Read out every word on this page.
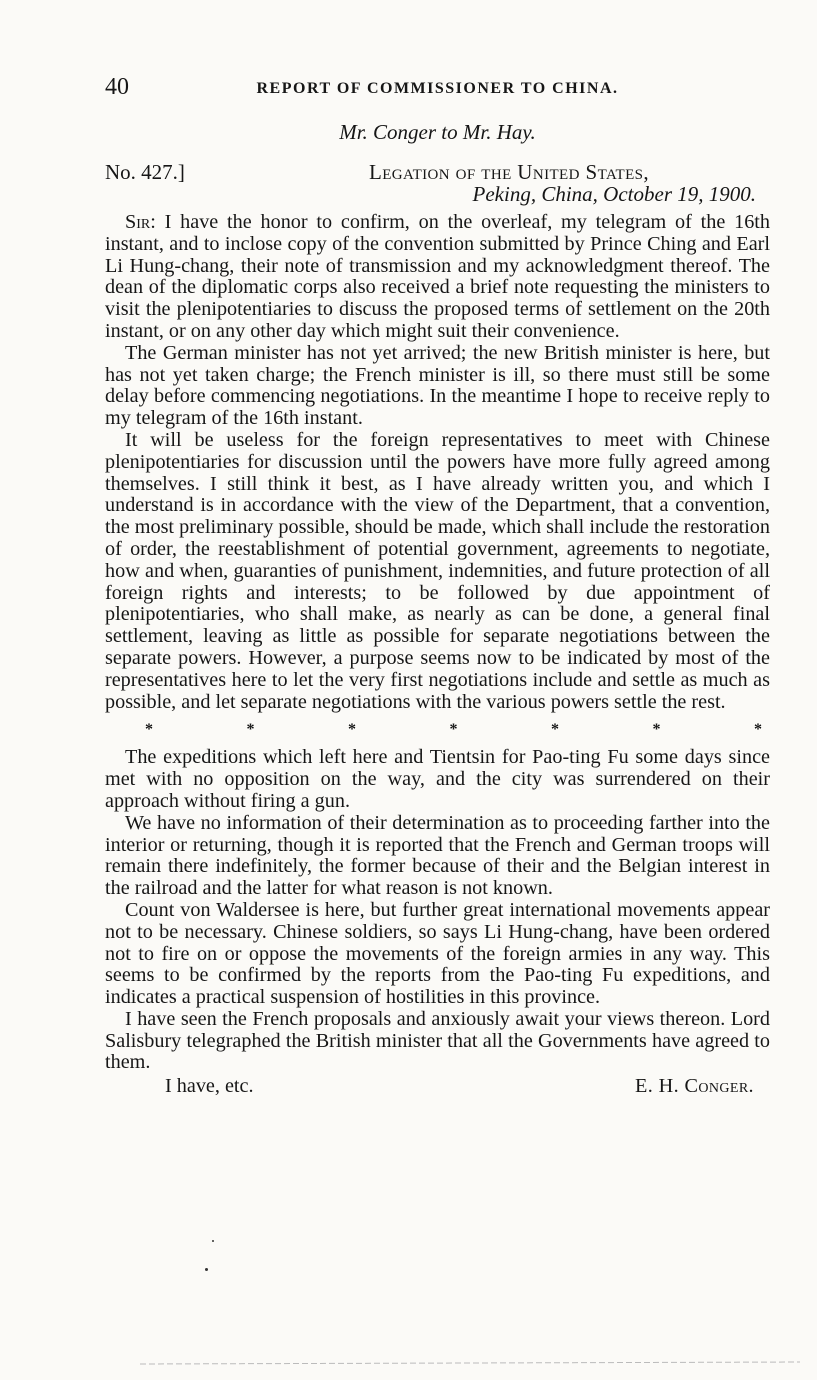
40	REPORT OF COMMISSIONER TO CHINA.
Mr. Conger to Mr. Hay.
No. 427.]	Legation of the United States,
Peking, China, October 19, 1900.

Sir: I have the honor to confirm, on the overleaf, my telegram of the 16th instant, and to inclose copy of the convention submitted by Prince Ching and Earl Li Hung-chang, their note of transmission and my acknowledgment thereof. The dean of the diplomatic corps also received a brief note requesting the ministers to visit the plenipotentiaries to discuss the proposed terms of settlement on the 20th instant, or on any other day which might suit their convenience.

The German minister has not yet arrived; the new British minister is here, but has not yet taken charge; the French minister is ill, so there must still be some delay before commencing negotiations. In the meantime I hope to receive reply to my telegram of the 16th instant.

It will be useless for the foreign representatives to meet with Chinese plenipotentiaries for discussion until the powers have more fully agreed among themselves. I still think it best, as I have already written you, and which I understand is in accordance with the view of the Department, that a convention, the most preliminary possible, should be made, which shall include the restoration of order, the reestablishment of potential government, agreements to negotiate, how and when, guaranties of punishment, indemnities, and future protection of all foreign rights and interests; to be followed by due appointment of plenipotentiaries, who shall make, as nearly as can be done, a general final settlement, leaving as little as possible for separate negotiations between the separate powers. However, a purpose seems now to be indicated by most of the representatives here to let the very first negotiations include and settle as much as possible, and let separate negotiations with the various powers settle the rest.

*	*	*	*	*	*	*

The expeditions which left here and Tientsin for Pao-ting Fu some days since met with no opposition on the way, and the city was surrendered on their approach without firing a gun.

We have no information of their determination as to proceeding farther into the interior or returning, though it is reported that the French and German troops will remain there indefinitely, the former because of their and the Belgian interest in the railroad and the latter for what reason is not known.

Count von Waldersee is here, but further great international movements appear not to be necessary. Chinese soldiers, so says Li Hung-chang, have been ordered not to fire on or oppose the movements of the foreign armies in any way. This seems to be confirmed by the reports from the Pao-ting Fu expeditions, and indicates a practical suspension of hostilities in this province.

I have seen the French proposals and anxiously await your views thereon. Lord Salisbury telegraphed the British minister that all the Governments have agreed to them.

I have, etc.	E. H. Conger.
